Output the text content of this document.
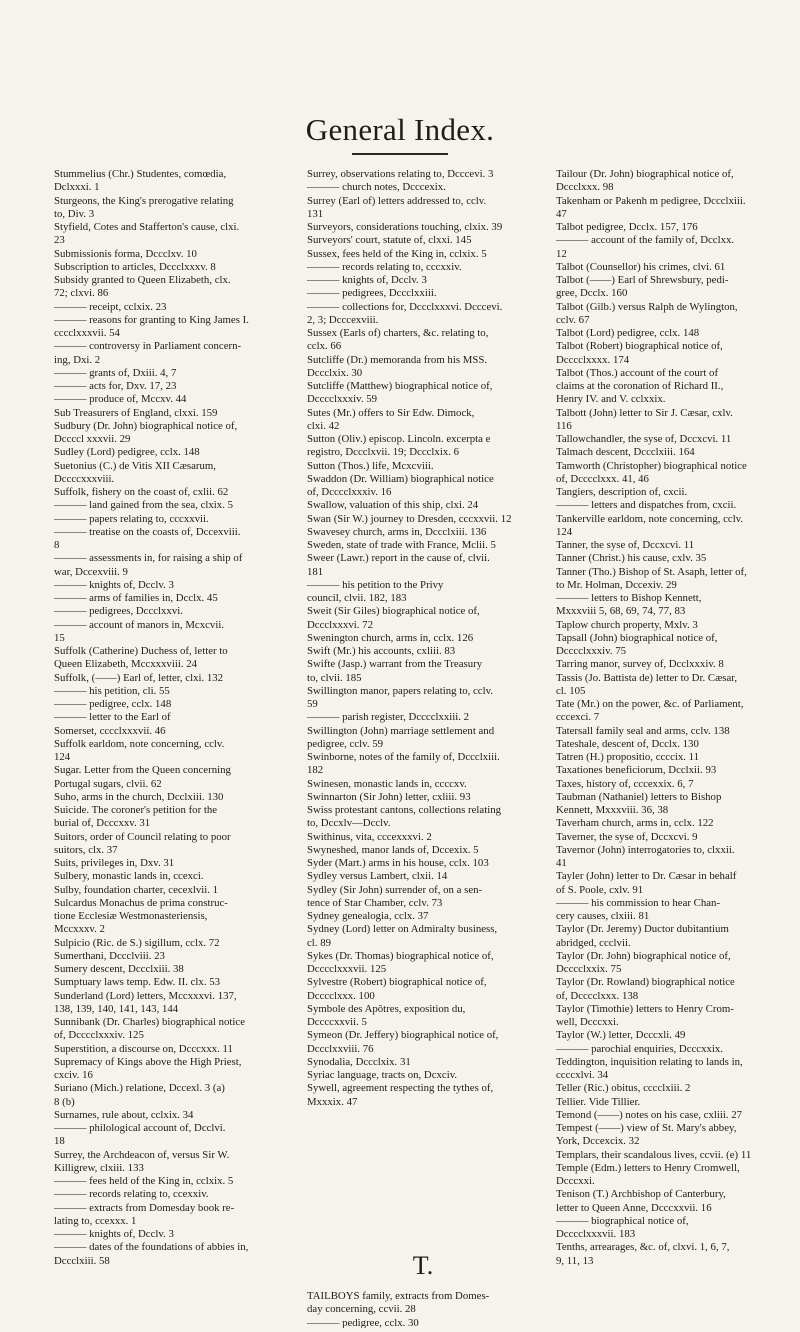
General Index.

Stummelius (Chr.) Studentes, comœdia,

Dclxxxi. 1

Sturgeons, the King's prerogative relating

to, Div. 3

Styfield, Cotes and Stafferton's cause, clxi.

23

Submissionis forma, Dccclxv. 10

Subscription to articles, Dccclxxxv. 8

Subsidy granted to Queen Elizabeth, clx.

72; clxvi. 86

——— receipt, cclxix. 23

——— reasons for granting to King James I.

cccclxxxvii. 54

——— controversy in Parliament concern-

ing, Dxi. 2

——— grants of, Dxiii. 4, 7

——— acts for, Dxv. 17, 23

——— produce of, Mccxv. 44

Sub Treasurers of England, clxxi. 159

Sudbury (Dr. John) biographical notice of,

Dccccl xxxvii. 29

Sudley (Lord) pedigree, cclx. 148

Suetonius (C.) de Vitis XII Cæsarum,

Dccccxxxviii.

Suffolk, fishery on the coast of, cxlii. 62

——— land gained from the sea, clxix. 5

——— papers relating to, cccxxvii.

——— treatise on the coasts of, Dccexviii.

8

——— assessments in, for raising a ship of

war, Dccexviii. 9

——— knights of, Dcclv. 3

——— arms of families in, Dcclx. 45

——— pedigrees, Dccclxxvi.

——— account of manors in, Mcxcvii.

15

Suffolk (Catherine) Duchess of, letter to

Queen Elizabeth, Mccxxxviii. 24

Suffolk, (——) Earl of, letter, clxi. 132

——— his petition, cli. 55

——— pedigree, cclx. 148

——— letter to the Earl of

Somerset, cccclxxxvii. 46

Suffolk earldom, note concerning, cclv.

124

Sugar. Letter from the Queen concerning

Portugal sugars, clvii. 62

Suho, arms in the church, Dcclxiii. 130

Suicide. The coroner's petition for the

burial of, Dcccxxv. 31

Suitors, order of Council relating to poor

suitors, clx. 37

Suits, privileges in, Dxv. 31

Sulbery, monastic lands in, ccexci.

Sulby, foundation charter, cecexlvii. 1

Sulcardus Monachus de prima construc-

tione Ecclesiæ Westmonasteriensis,

Mccxxxv. 2

Sulpicio (Ric. de S.) sigillum, cclx. 72

Sumerthani, Dccclviii. 23

Sumery descent, Dccclxiii. 38

Sumptuary laws temp. Edw. II. clx. 53

Sunderland (Lord) letters, Mccxxxvi. 137,

138, 139, 140, 141, 143, 144

Sunnibank (Dr. Charles) biographical notice

of, Dcccclxxxiv. 125

Superstition, a discourse on, Dcccxxx. 11

Supremacy of Kings above the High Priest,

cxciv. 16

Suriano (Mich.) relatione, Dccexl. 3 (a)

8 (b)

Surnames, rule about, cclxix. 34

——— philological account of, Dcclvi.

18

Surrey, the Archdeacon of, versus Sir W.

Killigrew, clxiii. 133

——— fees held of the King in, cclxix. 5

——— records relating to, ccexxiv.

——— extracts from Domesday book re-

lating to, ccexxx. 1

——— knights of, Dcclv. 3

——— dates of the foundations of abbies in,

Dccclxiii. 58

Surrey, observations relating to, Dcccevi. 3

——— church notes, Dcccexix.

Surrey (Earl of) letters addressed to, cclv.

131

Surveyors, considerations touching, clxix. 39

Surveyors' court, statute of, clxxi. 145

Sussex, fees held of the King in, cclxix. 5

——— records relating to, cccxxiv.

——— knights of, Dcclv. 3

——— pedigrees, Dccclxxiii.

——— collections for, Dccclxxxvi. Dcccevi.

2, 3; Dcccexviii.

Sussex (Earls of) charters, &c. relating to,

cclx. 66

Sutcliffe (Dr.) memoranda from his MSS.

Dccclxix. 30

Sutcliffe (Matthew) biographical notice of,

Dcccclxxxiv. 59

Sutes (Mr.) offers to Sir Edw. Dimock,

clxi. 42

Sutton (Oliv.) episcop. Lincoln. excerpta e

registro, Dccclxvii. 19; Dccclxix. 6

Sutton (Thos.) life, Mcxcviii.

Swaddon (Dr. William) biographical notice

of, Dcccclxxxiv. 16

Swallow, valuation of this ship, clxi. 24

Swan (Sir W.) journey to Dresden, cccxxvii. 12

Swavesey church, arms in, Dccclxiii. 136

Sweden, state of trade with France, Mclii. 5

Sweer (Lawr.) report in the cause of, clvii.

181

——— his petition to the Privy

council, clvii. 182, 183

Sweit (Sir Giles) biographical notice of,

Dccclxxxvi. 72

Swenington church, arms in, cclx. 126

Swift (Mr.) his accounts, cxliii. 83

Swifte (Jasp.) warrant from the Treasury

to, clvii. 185

Swillington manor, papers relating to, cclv.

59

——— parish register, Dcccclxxiii. 2

Swillington (John) marriage settlement and

pedigree, cclv. 59

Swinborne, notes of the family of, Dccclxiii.

182

Swinesen, monastic lands in, ccccxv.

Swinnarton (Sir John) letter, cxliii. 93

Swiss protestant cantons, collections relating

to, Dccxlv—Dcclv.

Swithinus, vita, cccexxxvi. 2

Swyneshed, manor lands of, Dccexix. 5

Syder (Mart.) arms in his house, cclx. 103

Sydley versus Lambert, clxii. 14

Sydley (Sir John) surrender of, on a sen-

tence of Star Chamber, cclv. 73

Sydney genealogia, cclx. 37

Sydney (Lord) letter on Admiralty business,

cl. 89

Sykes (Dr. Thomas) biographical notice of,

Dcccclxxxvii. 125

Sylvestre (Robert) biographical notice of,

Dcccclxxx. 100

Symbole des Apôtres, exposition du,

Dccccxxvii. 5

Symeon (Dr. Jeffery) biographical notice of,

Dccclxxviii. 76

Synodalia, Dccclxix. 31

Syriac language, tracts on, Dcxciv.

Sywell, agreement respecting the tythes of,

Mxxxix. 47

T.

TAILBOYS family, extracts from Domes-

day concerning, ccvii. 28

——— pedigree, cclx. 30

Tailour (Dr. John) biographical notice of,

Dccclxxx. 98

Takenham or Pakenh m pedigree, Dccclxiii.

47

Talbot pedigree, Dcclx. 157, 176

——— account of the family of, Dcclxx.

12

Talbot (Counsellor) his crimes, clvi. 61

Talbot (——) Earl of Shrewsbury, pedi-

gree, Dcclx. 160

Talbot (Gilb.) versus Ralph de Wylington,

cclv. 67

Talbot (Lord) pedigree, cclx. 148

Talbot (Robert) biographical notice of,

Dcccclxxxx. 174

Talbot (Thos.) account of the court of

claims at the coronation of Richard II.,

Henry IV. and V. cclxxix.

Talbott (John) letter to Sir J. Cæsar, cxlv.

116

Tallowchandler, the syse of, Dccxcvi. 11

Talmach descent, Dccclxiii. 164

Tamworth (Christopher) biographical notice

of, Dcccclxxx. 41, 46

Tangiers, description of, cxcii.

——— letters and dispatches from, cxcii.

Tankerville earldom, note concerning, cclv.

124

Tanner, the syse of, Dccxcvi. 11

Tanner (Christ.) his cause, cxlv. 35

Tanner (Tho.) Bishop of St. Asaph, letter of,

to Mr. Holman, Dccexiv. 29

——— letters to Bishop Kennett,

Mxxxviii 5, 68, 69, 74, 77, 83

Taplow church property, Mxlv. 3

Tapsall (John) biographical notice of,

Dcccclxxxiv. 75

Tarring manor, survey of, Dcclxxxiv. 8

Tassis (Jo. Battista de) letter to Dr. Cæsar,

cl. 105

Tate (Mr.) on the power, &c. of Parliament,

cccexci. 7

Tatersall family seal and arms, cclv. 138

Tateshale, descent of, Dcclx. 130

Tatren (H.) propositio, ccccix. 11

Taxationes beneficiorum, Dcclxii. 93

Taxes, history of, cccexxix. 6, 7

Taubman (Nathaniel) letters to Bishop

Kennett, Mxxxviii. 36, 38

Taverham church, arms in, cclx. 122

Taverner, the syse of, Dccxcvi. 9

Tavernor (John) interrogatories to, clxxii.

41

Tayler (John) letter to Dr. Cæsar in behalf

of S. Poole, cxlv. 91

——— his commission to hear Chan-

cery causes, clxiii. 81

Taylor (Dr. Jeremy) Ductor dubitantium

abridged, ccclvii.

Taylor (Dr. John) biographical notice of,

Dcccclxxix. 75

Taylor (Dr. Rowland) biographical notice

of, Dcccclxxx. 138

Taylor (Timothie) letters to Henry Crom-

well, Dcccxxi.

Taylor (W.) letter, Dcccxli. 49

——— parochial enquiries, Dcccxxix.

Teddington, inquisition relating to lands in,

ccccxlvi. 34

Teller (Ric.) obitus, cccclxiii. 2

Tellier. Vide Tillier.

Temond (——) notes on his case, cxliii. 27

Tempest (——) view of St. Mary's abbey,

York, Dccexcix. 32

Templars, their scandalous lives, ccvii. (e) 11

Temple (Edm.) letters to Henry Cromwell,

Dcccxxi.

Tenison (T.) Archbishop of Canterbury,

letter to Queen Anne, Dcccxxvii. 16

——— biographical notice of,

Dcccclxxxvii. 183

Tenths, arrearages, &c. of, clxvi. 1, 6, 7,

9, 11, 13
